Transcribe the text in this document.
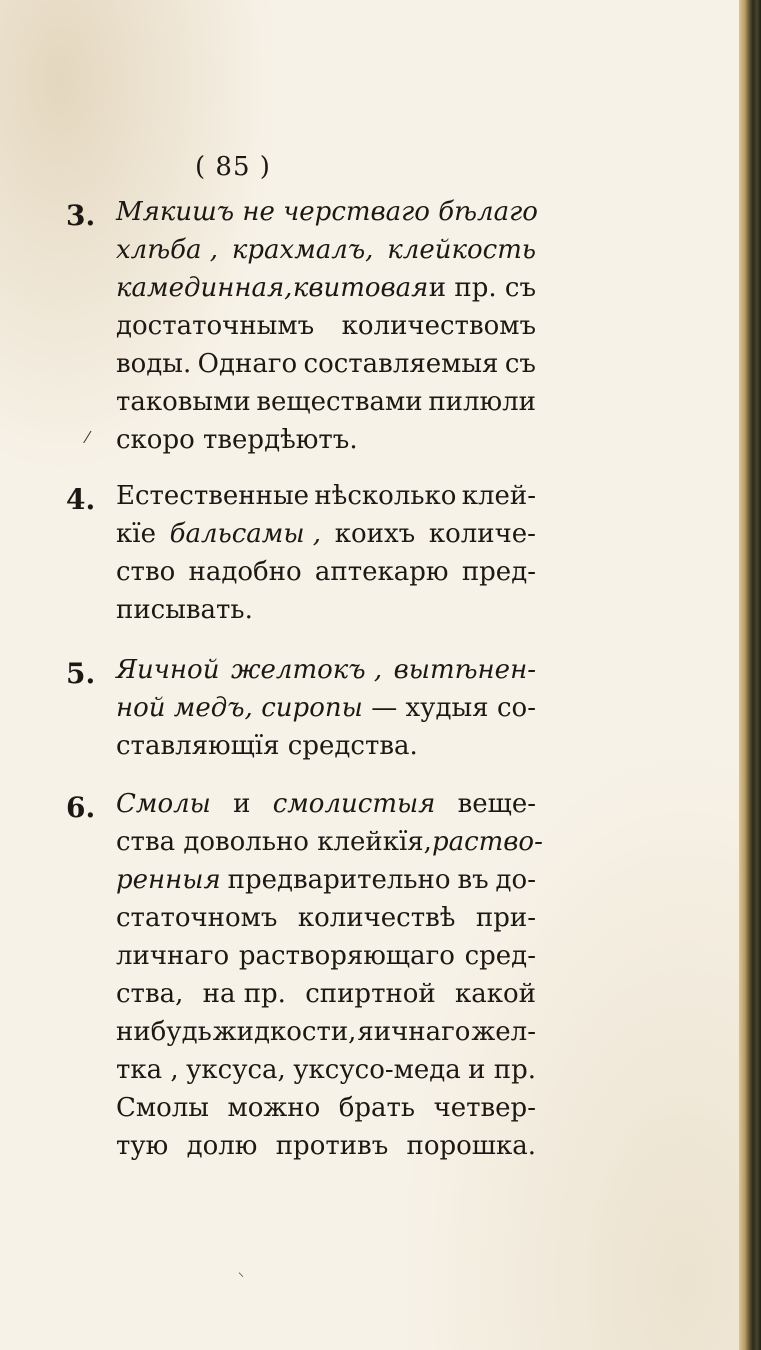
( 85 )
3. Мякишъ не черстваго бѣлаго
хлѣба , крахмалъ, клейкость
камединная, квитовая и пр. съ
достаточнымъ количествомъ
воды. Однаго составляемыя съ
таковыми веществами пилюли
скоро твердѣютъ.
4. Естественные нѣсколько клей-
кїе бальсамы , коихъ количе-
ство надобно аптекарю пред-
писывать.
5. Яичной желтокъ , вытѣнен-
ной медъ, сиропы — худыя со-
ставляющїя средства.
6. Смолы и смолистыя веще-
ства довольно клейкїя, раство-
ренныя предварительно въ до-
статочномъ количествѣ при-
личнаго растворяющаго сред-
ства, на пр. спиртной какой
нибудь жидкости, яичнаго жел-
тка , уксуса, уксусо-меда и пр.
Смолы можно брать четвер-
тую долю противъ порошка.
⁄
⸌
